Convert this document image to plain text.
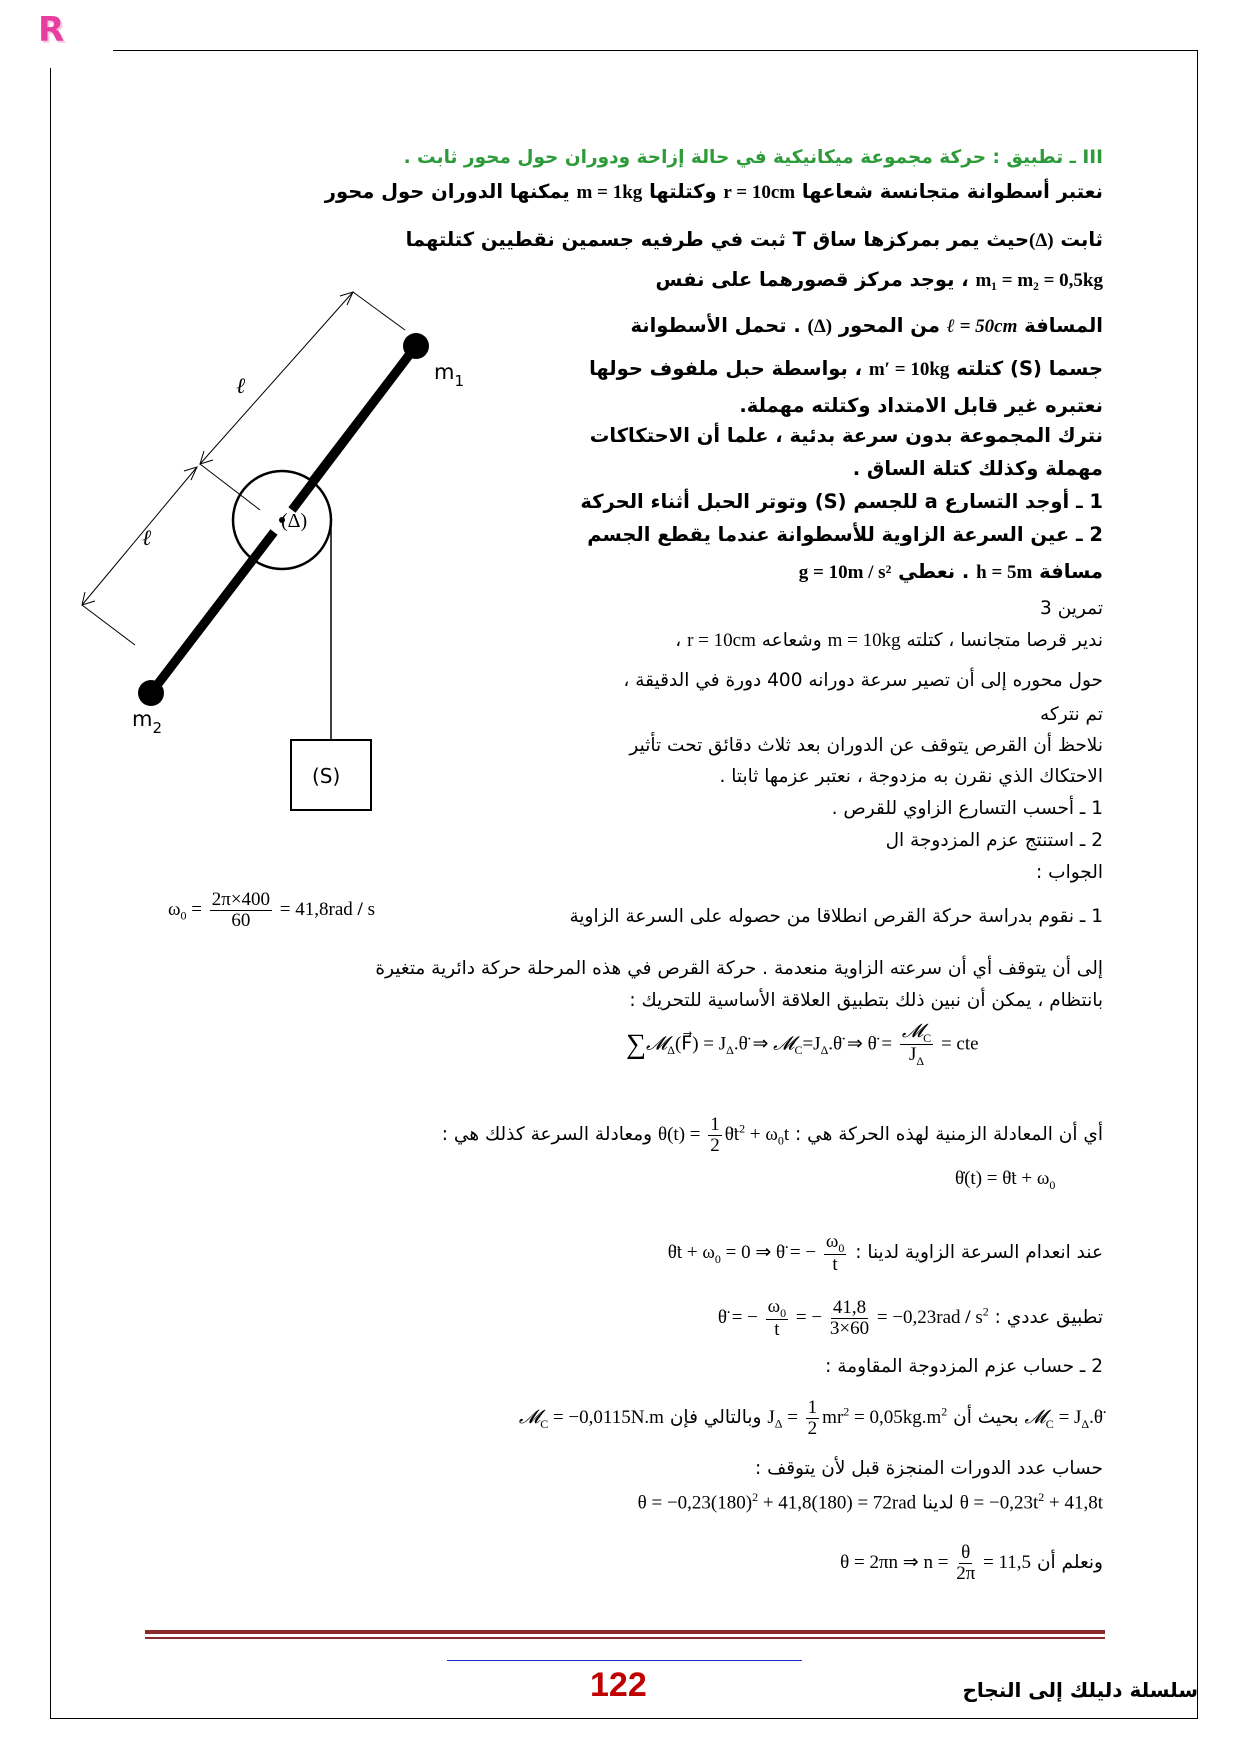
R
III ـ تطبيق : حركة مجموعة ميكانيكية في حالة إزاحة ودوران حول محور ثابت .
نعتبر أسطوانة متجانسة شعاعها r = 10cm وكتلتها m = 1kg يمكنها الدوران حول محور
ثابت (Δ)حيث يمر بمركزها ساق T ثبت في طرفيه جسمين نقطيين كتلتهما
m₁ = m₂ = 0,5kg ، يوجد مركز قصورهما على نفس
المسافة ℓ = 50cm من المحور (Δ) . تحمل الأسطوانة
جسما (S) كتلته m′ = 10kg ، بواسطة حبل ملفوف حولها
نعتبره غير قابل الامتداد وكتلته مهملة.
نترك المجموعة بدون سرعة بدئية ، علما أن الاحتكاكات
مهملة وكذلك كتلة الساق .
1 ـ أوجد التسارع a للجسم (S) وتوتر الحبل أثناء الحركة
2 ـ عين السرعة الزاوية للأسطوانة عندما يقطع الجسم
مسافة h = 5m . نعطي g = 10m / s²
ℓ
ℓ
$m_1$
$m_2$
(Δ)
(S)
تمرين 3
ندير قرصا متجانسا ، كتلته m = 10kg وشعاعه r = 10cm ،
حول محوره إلى أن تصير سرعة دورانه 400 دورة في الدقيقة ،
تم نتركه
نلاحظ أن القرص يتوقف عن الدوران بعد ثلاث دقائق تحت تأثير
الاحتكاك الذي نقرن به مزدوجة ، نعتبر عزمها ثابتا .
1 ـ أحسب التسارع الزاوي للقرص .
2 ـ استنتج عزم المزدوجة ال
الجواب :
1 ـ نقوم بدراسة حركة القرص انطلاقا من حصوله على السرعة الزاوية
$\omega_0 = \frac{2\pi\times 400}{60} = 41,8rad / s$
إلى أن يتوقف أي أن سرعته الزاوية منعدمة . حركة القرص في هذه المرحلة حركة دائرية متغيرة
بانتظام ، يمكن أن نبين ذلك بتطبيق العلاقة الأساسية للتحريك :
∑𝓜$_\Delta$(F⃗) = $J_\Delta.\thetä$ ⇒ $𝓜_C=J_\Delta.\thetä$ ⇒ θ̈ = $\frac{𝓜_C}{J_\Delta}$ = cte
أي أن المعادلة الزمنية لهذه الحركة هي : $\theta(t) = \frac{1}{2}$ $\thetät^2 + \omega_0t$ ومعادلة السرعة كذلك هي :
θ̇(t) = θ̈t + $\omega_0$
عند انعدام السرعة الزاوية لدينا : θ̈t + $\omega_0 = 0$ ⇒ θ̈ = − $\frac{\omega_0}{t}$
تطبيق عددي : θ̈ = − $\frac{\omega_0}{t}$ = − $\frac{41,8}{3\times 60} = -0,23rad / s^2$
2 ـ حساب عزم المزدوجة المقاومة :
𝓜$_C$ = $J_\Delta.\thetä$ بحيث أن $J_\Delta = \frac{1}{2} mr^2 = 0,05kg.m^2$ وبالتالي فإن 𝓜$_C$ = −0,0115N.m
حساب عدد الدورات المنجزة قبل لأن يتوقف :
$\theta = -0,23t^2 + 41,8t$ لدينا $\theta = -0,23(180)^2 + 41,8(180) = 72rad$
ونعلم أن θ = 2πn ⇒ $n = \frac{\theta}{2\pi} = 11,5$
122	سلسلة دليلك إلى النجاح
